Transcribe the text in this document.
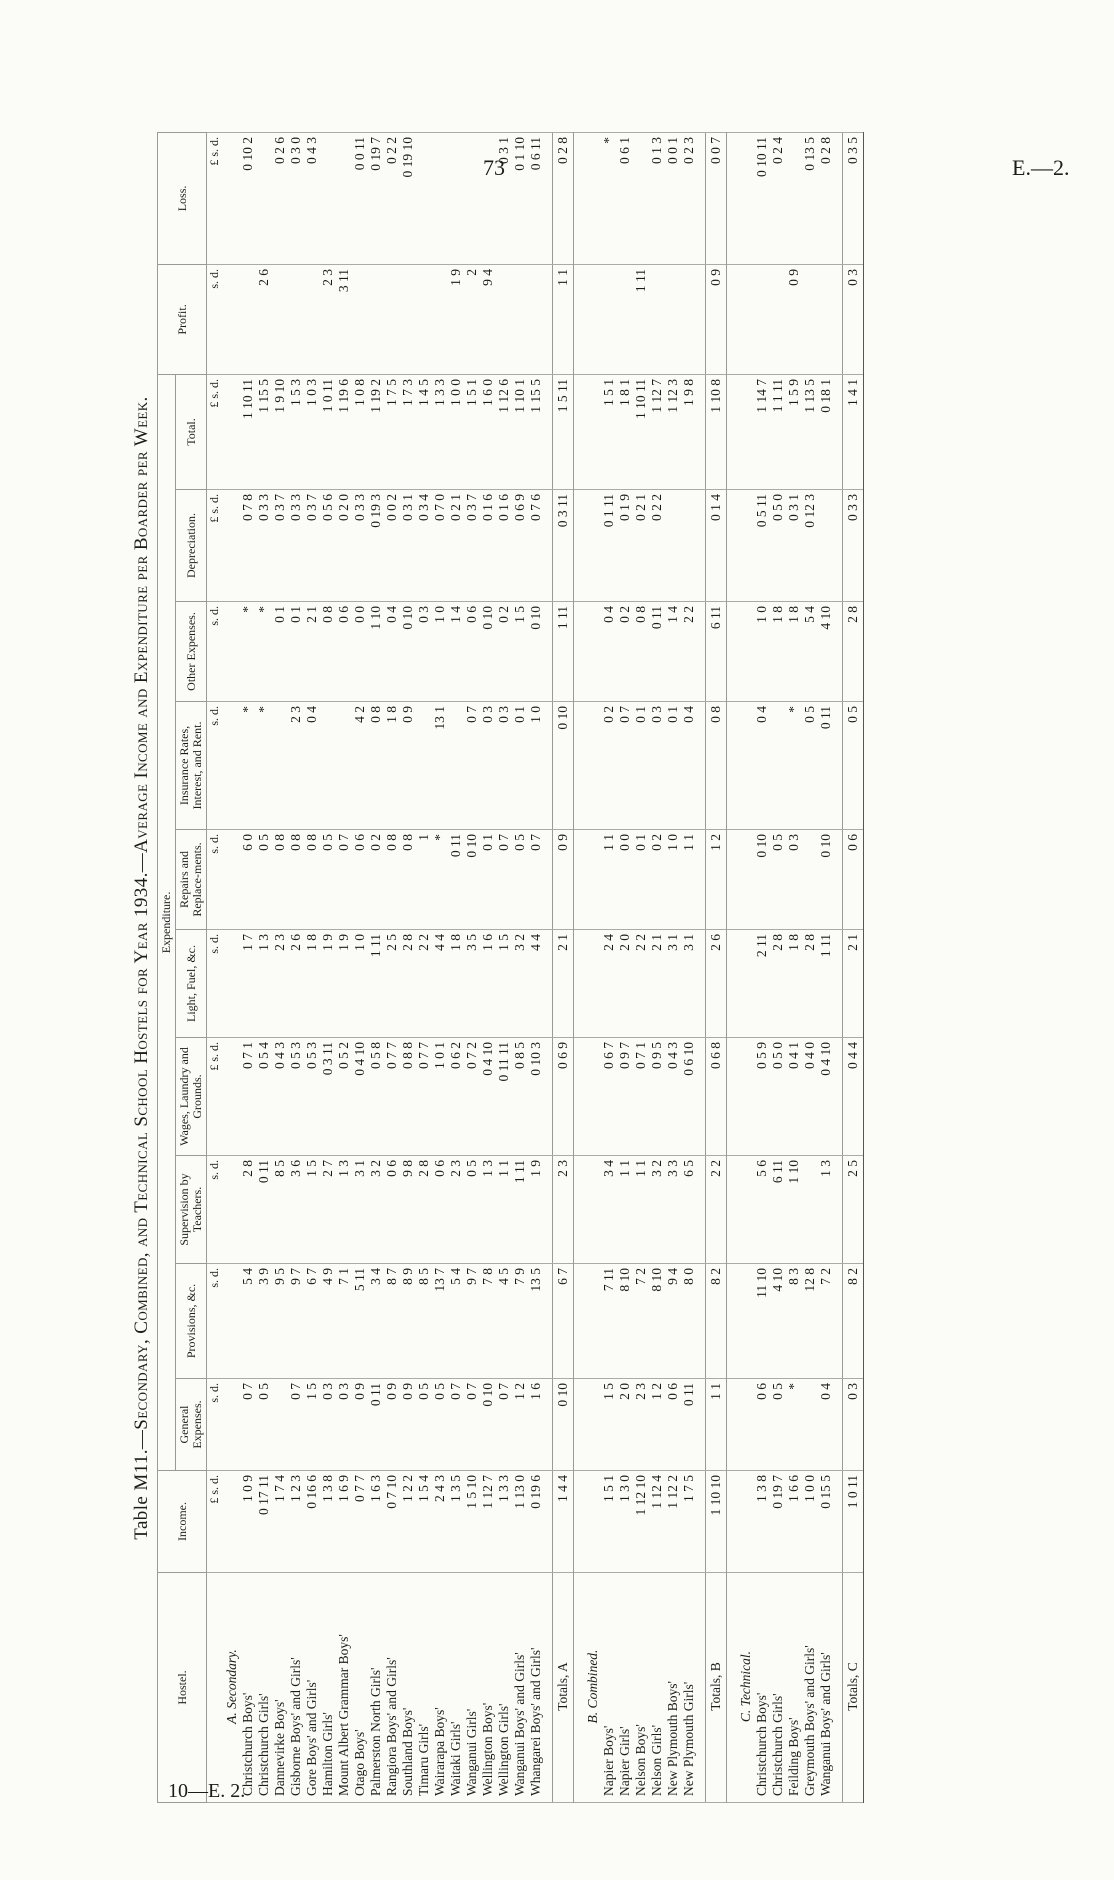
73	E.—2.
Table M11.—Secondary, Combined, and Technical School Hostels for Year 1934.—Average Income and Expenditure per Boarder per Week.
Hostel.	Income.	Expenditure.										Profit.	Loss.
		General Expenses.	Provisions, &c.	Supervision by Teachers.	Wages, Laundry and Grounds.	Light, Fuel, &c.	Repairs and Replace-ments.	Insurance Rates, Interest, and Rent.	Other Expenses.	Depreciation.	Total.		
	£ s. d.	s. d.	s. d.	s. d.	£ s. d.	s. d.	s. d.	s. d.	s. d.	£ s. d.	£ s. d.	s. d.	£ s. d.
A. Secondary.													
Christchurch Boys'	1 0 9	0 7	5 4	2 8	0 7 1	1 7	6 0	*	*	0 7 8	1 10 11		0 10 2
Christchurch Girls'	0 17 11	0 5	3 9	0 11	0 5 4	1 3	0 5	*	*	0 3 3	1 15 5	2 6	
Dannevirke Boys'	1 7 4		9 5	8 5	0 4 3	2 3	0 8		0 1	0 3 7	1 9 10		0 2 6
Gisborne Boys' and Girls'	1 2 3	0 7	9 7	3 6	0 5 3	2 6	0 8	2 3	0 1	0 3 3	1 5 3		0 3 0
Gore Boys' and Girls'	0 16 6	1 5	6 7	1 5	0 5 3	1 8	0 8	0 4	2 1	0 3 7	1 0 3		0 4 3
Hamilton Girls'	1 3 8	0 3	4 9	2 7	0 3 11	1 9	0 5		0 8	0 5 6	1 0 11	2 3	
Mount Albert Grammar Boys'	1 6 9	0 3	7 1	1 3	0 5 2	1 9	0 7		0 6	0 2 0	1 19 6	3 11	
Otago Boys'	0 7 7	0 9	5 11	3 1	0 4 10	1 0	0 6	4 2	0 0	0 3 3	1 0 8		0 0 11
Palmerston North Girls'	1 6 3	0 11	3 4	3 2	0 5 8	1 11	0 2	0 8	1 10	0 19 3	1 19 2		0 19 7
Rangiora Boys' and Girls'	0 7 10	0 9	8 7	0 6	0 7 7	2 5	0 8	1 8	0 4	0 0 2	1 7 5		0 2 2
Southland Boys'	1 2 2	0 9	8 9	9 8	0 8 8	2 8	0 8	0 9	0 10	0 3 1	1 7 3		0 19 10
Timaru Girls'	1 5 4	0 5	8 5	2 8	0 7 7	2 2	1		0 3	0 3 4	1 4 5		
Wairarapa Boys'	2 4 3	0 5	13 7	0 6	1 0 1	4 4	*	13 1	1 0	0 7 0	1 3 3		
Waitaki Girls'	1 3 5	0 7	5 4	2 3	0 6 2	1 8	0 11		1 4	0 2 1	1 0 0	1 9	
Wanganui Girls'	1 5 10	0 7	9 7	0 5	0 7 2	3 5	0 10	0 7	0 6	0 3 7	1 5 1	2	
Wellington Boys'	1 12 7	0 10	7 8	1 3	0 4 10	1 6	0 1	0 3	0 10	0 1 6	1 6 0	9 4	
Wellington Girls'	1 3 3	0 7	4 5	1 1	0 11 11	1 5	0 7	0 3	0 2	0 1 6	1 12 6		0 3 1
Wanganui Boys' and Girls'	1 13 0	1 2	7 9	1 11	0 8 5	3 2	0 5	0 1	1 5	0 6 9	1 10 1		0 1 10
Whangarei Boys' and Girls'	0 19 6	1 6	13 5	1 9	0 10 3	4 4	0 7	1 0	0 10	0 7 6	1 15 5		0 6 11

Totals, A	1 4 4	0 10	6 7	2 3	0 6 9	2 1	0 9	0 10	1 11	0 3 11	1 5 11	1 1	0 2 8

B. Combined.													
Napier Boys'	1 5 1	1 5	7 11	3 4	0 6 7	2 4	1 1	0 2	0 4	0 1 11	1 5 1		*
Napier Girls'	1 3 0	2 0	8 10	1 1	0 9 7	2 0	0 0	0 7	0 2	0 1 9	1 8 1		0 6 1
Nelson Boys'	1 12 10	2 3	7 2	1 1	0 7 1	2 2	0 1	0 1	0 8	0 2 1	1 10 11	1 11	
Nelson Girls'	1 12 4	1 2	8 10	3 2	0 9 5	2 1	0 2	0 3	0 11	0 2 2	1 12 7		0 1 3
New Plymouth Boys'	1 12 2	0 6	9 4	3 3	0 4 3	3 1	1 0	0 1	1 4		1 12 3		0 0 1
New Plymouth Girls'	1 7 5	0 11	8 0	6 5	0 6 10	3 1	1 1	0 4	2 2		1 9 8		0 2 3

Totals, B	1 10 10	1 1	8 2	2 2	0 6 8	2 6	1 2	0 8	6 11	0 1 4	1 10 8	0 9	0 0 7

C. Technical.													
Christchurch Boys'	1 3 8	0 6	11 10	5 6	0 5 9	2 11	0 10	0 4	1 0	0 5 11	1 14 7		0 10 11
Christchurch Girls'	0 19 7	0 5	4 10	6 11	0 5 0	2 8	0 5		1 8	0 5 0	1 1 11		0 2 4
Feilding Boys'	1 6 6	*	8 3	1 10	0 4 1	1 8	0 3	*	1 8	0 3 1	1 5 9	0 9	
Greymouth Boys' and Girls'	1 0 0		12 8		0 4 0	2 8		0 5	5 4	0 12 3	1 13 5		0 13 5
Wanganui Boys' and Girls'	0 15 5	0 4	7 2	1 3	0 4 10	1 11	0 10	0 11	4 10		0 18 1		0 2 8

Totals, C	1 0 11	0 3	8 2	2 5	0 4 4	2 1	0 6	0 5	2 8	0 3 3	1 4 1	0 3	0 3 5
10—E. 2.
